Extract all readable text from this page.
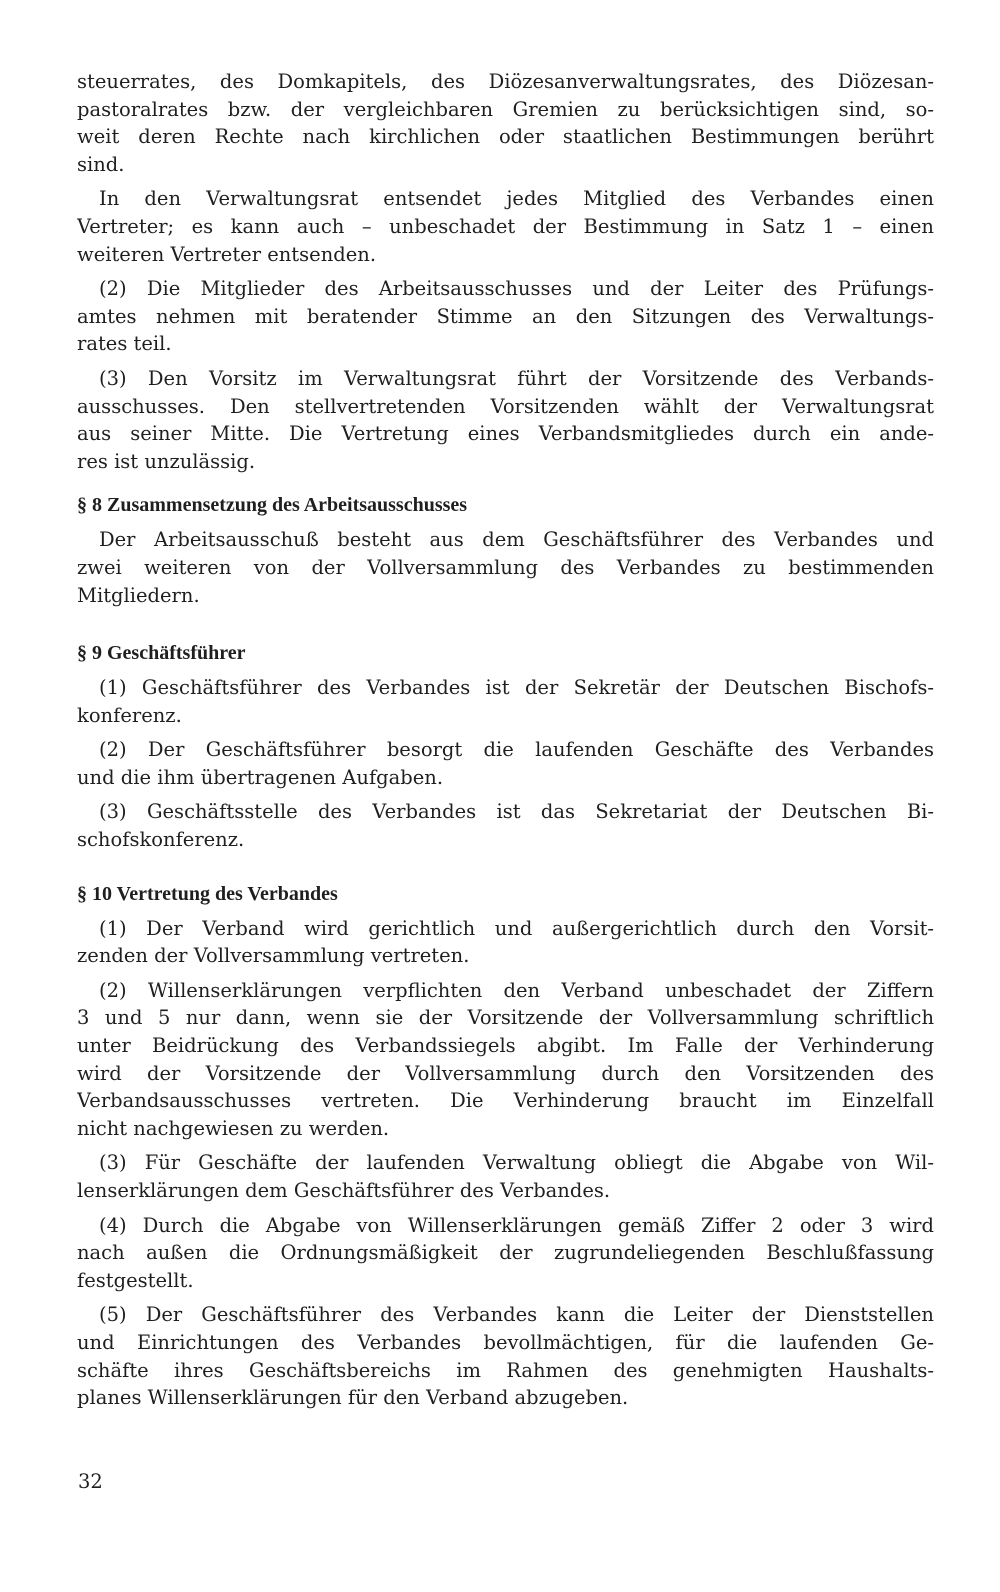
steuerrates, des Domkapitels, des Diözesanverwaltungsrates, des Diözesan-
pastoralrates bzw. der vergleichbaren Gremien zu berücksichtigen sind, so-
weit deren Rechte nach kirchlichen oder staatlichen Bestimmungen berührt
sind.
In den Verwaltungsrat entsendet jedes Mitglied des Verbandes einen
Vertreter; es kann auch – unbeschadet der Bestimmung in Satz 1 – einen
weiteren Vertreter entsenden.
(2) Die Mitglieder des Arbeitsausschusses und der Leiter des Prüfungs-
amtes nehmen mit beratender Stimme an den Sitzungen des Verwaltungs-
rates teil.
(3) Den Vorsitz im Verwaltungsrat führt der Vorsitzende des Verbands-
ausschusses. Den stellvertretenden Vorsitzenden wählt der Verwaltungsrat
aus seiner Mitte. Die Vertretung eines Verbandsmitgliedes durch ein ande-
res ist unzulässig.
§ 8 Zusammensetzung des Arbeitsausschusses
Der Arbeitsausschuß besteht aus dem Geschäftsführer des Verbandes und
zwei weiteren von der Vollversammlung des Verbandes zu bestimmenden
Mitgliedern.
§ 9 Geschäftsführer
(1) Geschäftsführer des Verbandes ist der Sekretär der Deutschen Bischofs-
konferenz.
(2) Der Geschäftsführer besorgt die laufenden Geschäfte des Verbandes
und die ihm übertragenen Aufgaben.
(3) Geschäftsstelle des Verbandes ist das Sekretariat der Deutschen Bi-
schofskonferenz.
§ 10 Vertretung des Verbandes
(1) Der Verband wird gerichtlich und außergerichtlich durch den Vorsit-
zenden der Vollversammlung vertreten.
(2) Willenserklärungen verpflichten den Verband unbeschadet der Ziffern
3 und 5 nur dann, wenn sie der Vorsitzende der Vollversammlung schriftlich
unter Beidrückung des Verbandssiegels abgibt. Im Falle der Verhinderung
wird der Vorsitzende der Vollversammlung durch den Vorsitzenden des
Verbandsausschusses vertreten. Die Verhinderung braucht im Einzelfall
nicht nachgewiesen zu werden.
(3) Für Geschäfte der laufenden Verwaltung obliegt die Abgabe von Wil-
lenserklärungen dem Geschäftsführer des Verbandes.
(4) Durch die Abgabe von Willenserklärungen gemäß Ziffer 2 oder 3 wird
nach außen die Ordnungsmäßigkeit der zugrundeliegenden Beschlußfassung
festgestellt.
(5) Der Geschäftsführer des Verbandes kann die Leiter der Dienststellen
und Einrichtungen des Verbandes bevollmächtigen, für die laufenden Ge-
schäfte ihres Geschäftsbereichs im Rahmen des genehmigten Haushalts-
planes Willenserklärungen für den Verband abzugeben.
32
